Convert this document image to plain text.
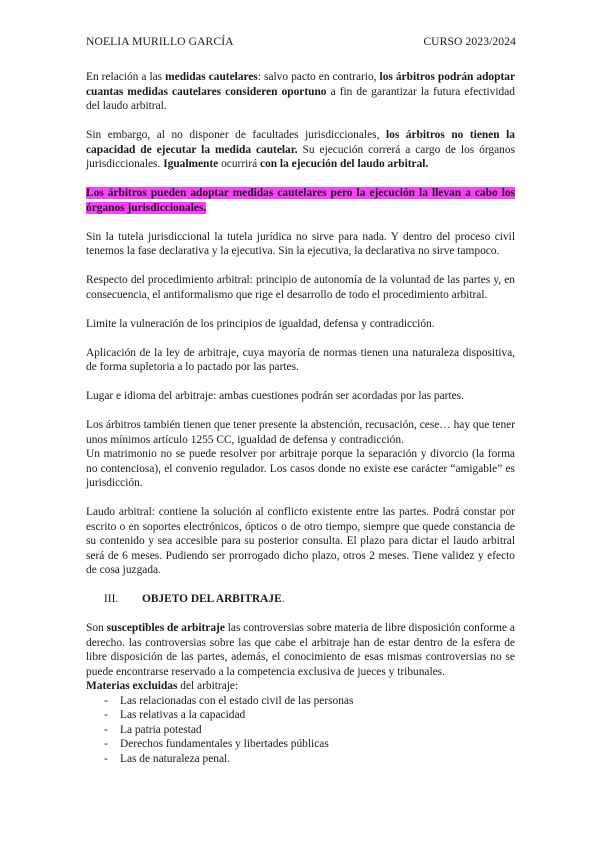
NOELIA MURILLO GARCÍA	CURSO 2023/2024

En relación a las medidas cautelares: salvo pacto en contrario, los árbitros podrán adoptar cuantas medidas cautelares consideren oportuno a fin de garantizar la futura efectividad del laudo arbitral.

Sin embargo, al no disponer de facultades jurisdiccionales, los árbitros no tienen la capacidad de ejecutar la medida cautelar. Su ejecución correrá a cargo de los órganos jurisdiccionales. Igualmente ocurrirá con la ejecución del laudo arbitral.

Los árbitros pueden adoptar medidas cautelares pero la ejecución la llevan a cabo los órganos jurisdiccionales.

Sin la tutela jurisdiccional la tutela jurídica no sirve para nada. Y dentro del proceso civil tenemos la fase declarativa y la ejecutiva. Sin la ejecutiva, la declarativa no sirve tampoco.

Respecto del procedimiento arbitral: principio de autonomía de la voluntad de las partes y, en consecuencia, el antiformalismo que rige el desarrollo de todo el procedimiento arbitral.

Limite la vulneración de los principios de igualdad, defensa y contradicción.

Aplicación de la ley de arbitraje, cuya mayoría de normas tienen una naturaleza dispositiva, de forma supletoria a lo pactado por las partes.

Lugar e idioma del arbitraje: ambas cuestiones podrán ser acordadas por las partes.

Los árbitros también tienen que tener presente la abstención, recusación, cese… hay que tener unos mínimos artículo 1255 CC, igualdad de defensa y contradicción.

Un matrimonio no se puede resolver por arbitraje porque la separación y divorcio (la forma no contenciosa), el convenio regulador. Los casos donde no existe ese carácter “amigable” es jurisdicción.

Laudo arbitral: contiene la solución al conflicto existente entre las partes. Podrá constar por escrito o en soportes electrónicos, ópticos o de otro tiempo, siempre que quede constancia de su contenido y sea accesible para su posterior consulta. El plazo para dictar el laudo arbitral será de 6 meses. Pudiendo ser prorrogado dicho plazo, otros 2 meses. Tiene validez y efecto de cosa juzgada.

III.	OBJETO DEL ARBITRAJE.

Son susceptibles de arbitraje las controversias sobre materia de libre disposición conforme a derecho. las controversias sobre las que cabe el arbitraje han de estar dentro de la esfera de libre disposición de las partes, además, el conocimiento de esas mismas controversias no se puede encontrarse reservado a la competencia exclusiva de jueces y tribunales.

Materias excluidas del arbitraje:
- Las relacionadas con el estado civil de las personas
- Las relativas a la capacidad
- La patria potestad
- Derechos fundamentales y libertades públicas
- Las de naturaleza penal.
